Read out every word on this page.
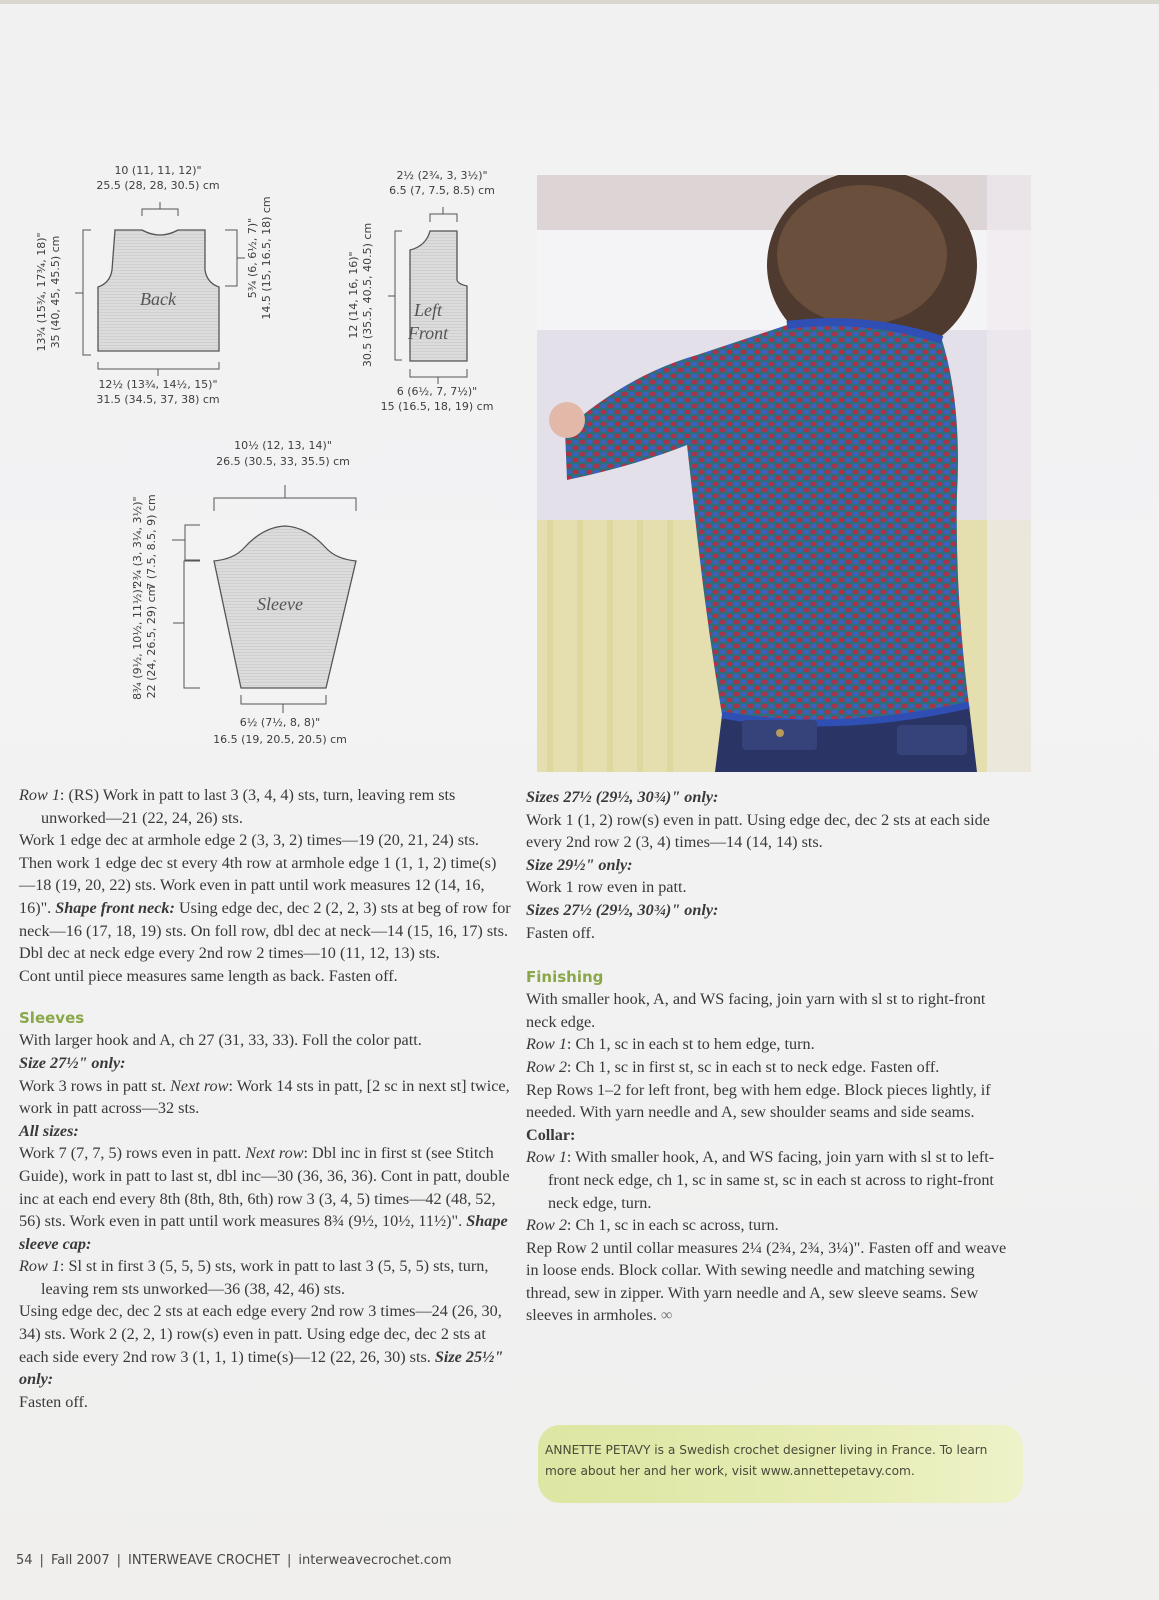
10 (11, 11, 12)"
25.5 (28, 28, 30.5) cm
Back
13¾ (15¾, 17¾, 18)" 35 (40, 45, 45.5) cm	5¾ (6, 6½, 7)" 14.5 (15, 16.5, 18) cm
12½ (13¾, 14½, 15)"
31.5 (34.5, 37, 38) cm
2½ (2¾, 3, 3½)"
6.5 (7, 7.5, 8.5) cm
Left
Front
12 (14, 16, 16)" 30.5 (35.5, 40.5, 40.5) cm
6 (6½, 7, 7½)"
15 (16.5, 18, 19) cm
10½ (12, 13, 14)"
26.5 (30.5, 33, 35.5) cm
Sleeve
2¾ (3, 3¼, 3½)" 7 (7.5, 8.5, 9) cm
8¾ (9½, 10½, 11½)" 22 (24, 26.5, 29) cm
6½ (7½, 8, 8)"
16.5 (19, 20.5, 20.5) cm

Row 1: (RS) Work in patt to last 3 (3, 4, 4) sts, turn, leaving rem sts unworked—21 (22, 24, 26) sts.

Work 1 edge dec at armhole edge 2 (3, 3, 2) times—19 (20, 21, 24) sts. Then work 1 edge dec st every 4th row at armhole edge 1 (1, 1, 2) time(s)—18 (19, 20, 22) sts. Work even in patt until work measures 12 (14, 16, 16)". Shape front neck: Using edge dec, dec 2 (2, 2, 3) sts at beg of row for neck—16 (17, 18, 19) sts. On foll row, dbl dec at neck—14 (15, 16, 17) sts. Dbl dec at neck edge every 2nd row 2 times—10 (11, 12, 13) sts.

Cont until piece measures same length as back. Fasten off.

Sleeves

With larger hook and A, ch 27 (31, 33, 33). Foll the color patt.

Size 27½" only:

Work 3 rows in patt st. Next row: Work 14 sts in patt, [2 sc in next st] twice, work in patt across—32 sts.

All sizes:

Work 7 (7, 7, 5) rows even in patt. Next row: Dbl inc in first st (see Stitch Guide), work in patt to last st, dbl inc—30 (36, 36, 36). Cont in patt, double inc at each end every 8th (8th, 8th, 6th) row 3 (3, 4, 5) times—42 (48, 52, 56) sts. Work even in patt until work measures 8¾ (9½, 10½, 11½)". Shape sleeve cap:

Row 1: Sl st in first 3 (5, 5, 5) sts, work in patt to last 3 (5, 5, 5) sts, turn, leaving rem sts unworked—36 (38, 42, 46) sts.

Using edge dec, dec 2 sts at each edge every 2nd row 3 times—24 (26, 30, 34) sts. Work 2 (2, 2, 1) row(s) even in patt. Using edge dec, dec 2 sts at each side every 2nd row 3 (1, 1, 1) time(s)—12 (22, 26, 30) sts. Size 25½" only:

Fasten off.

Sizes 27½ (29½, 30¾)" only:

Work 1 (1, 2) row(s) even in patt. Using edge dec, dec 2 sts at each side every 2nd row 2 (3, 4) times—14 (14, 14) sts.

Size 29½" only:

Work 1 row even in patt.

Sizes 27½ (29½, 30¾)" only:

Fasten off.

Finishing

With smaller hook, A, and WS facing, join yarn with sl st to right-front neck edge.

Row 1: Ch 1, sc in each st to hem edge, turn.

Row 2: Ch 1, sc in first st, sc in each st to neck edge. Fasten off.

Rep Rows 1–2 for left front, beg with hem edge. Block pieces lightly, if needed. With yarn needle and A, sew shoulder seams and side seams. Collar:

Row 1: With smaller hook, A, and WS facing, join yarn with sl st to left-front neck edge, ch 1, sc in same st, sc in each st across to right-front neck edge, turn.

Row 2: Ch 1, sc in each sc across, turn.

Rep Row 2 until collar measures 2¼ (2¾, 2¾, 3¼)". Fasten off and weave in loose ends. Block collar. With sewing needle and matching sewing thread, sew in zipper. With yarn needle and A, sew sleeve seams. Sew sleeves in armholes. ∞

ANNETTE PETAVY is a Swedish crochet designer living in France. To learn more about her and her work, visit www.annettepetavy.com.

54 | Fall 2007 | INTERWEAVE CROCHET | interweavecrochet.com
